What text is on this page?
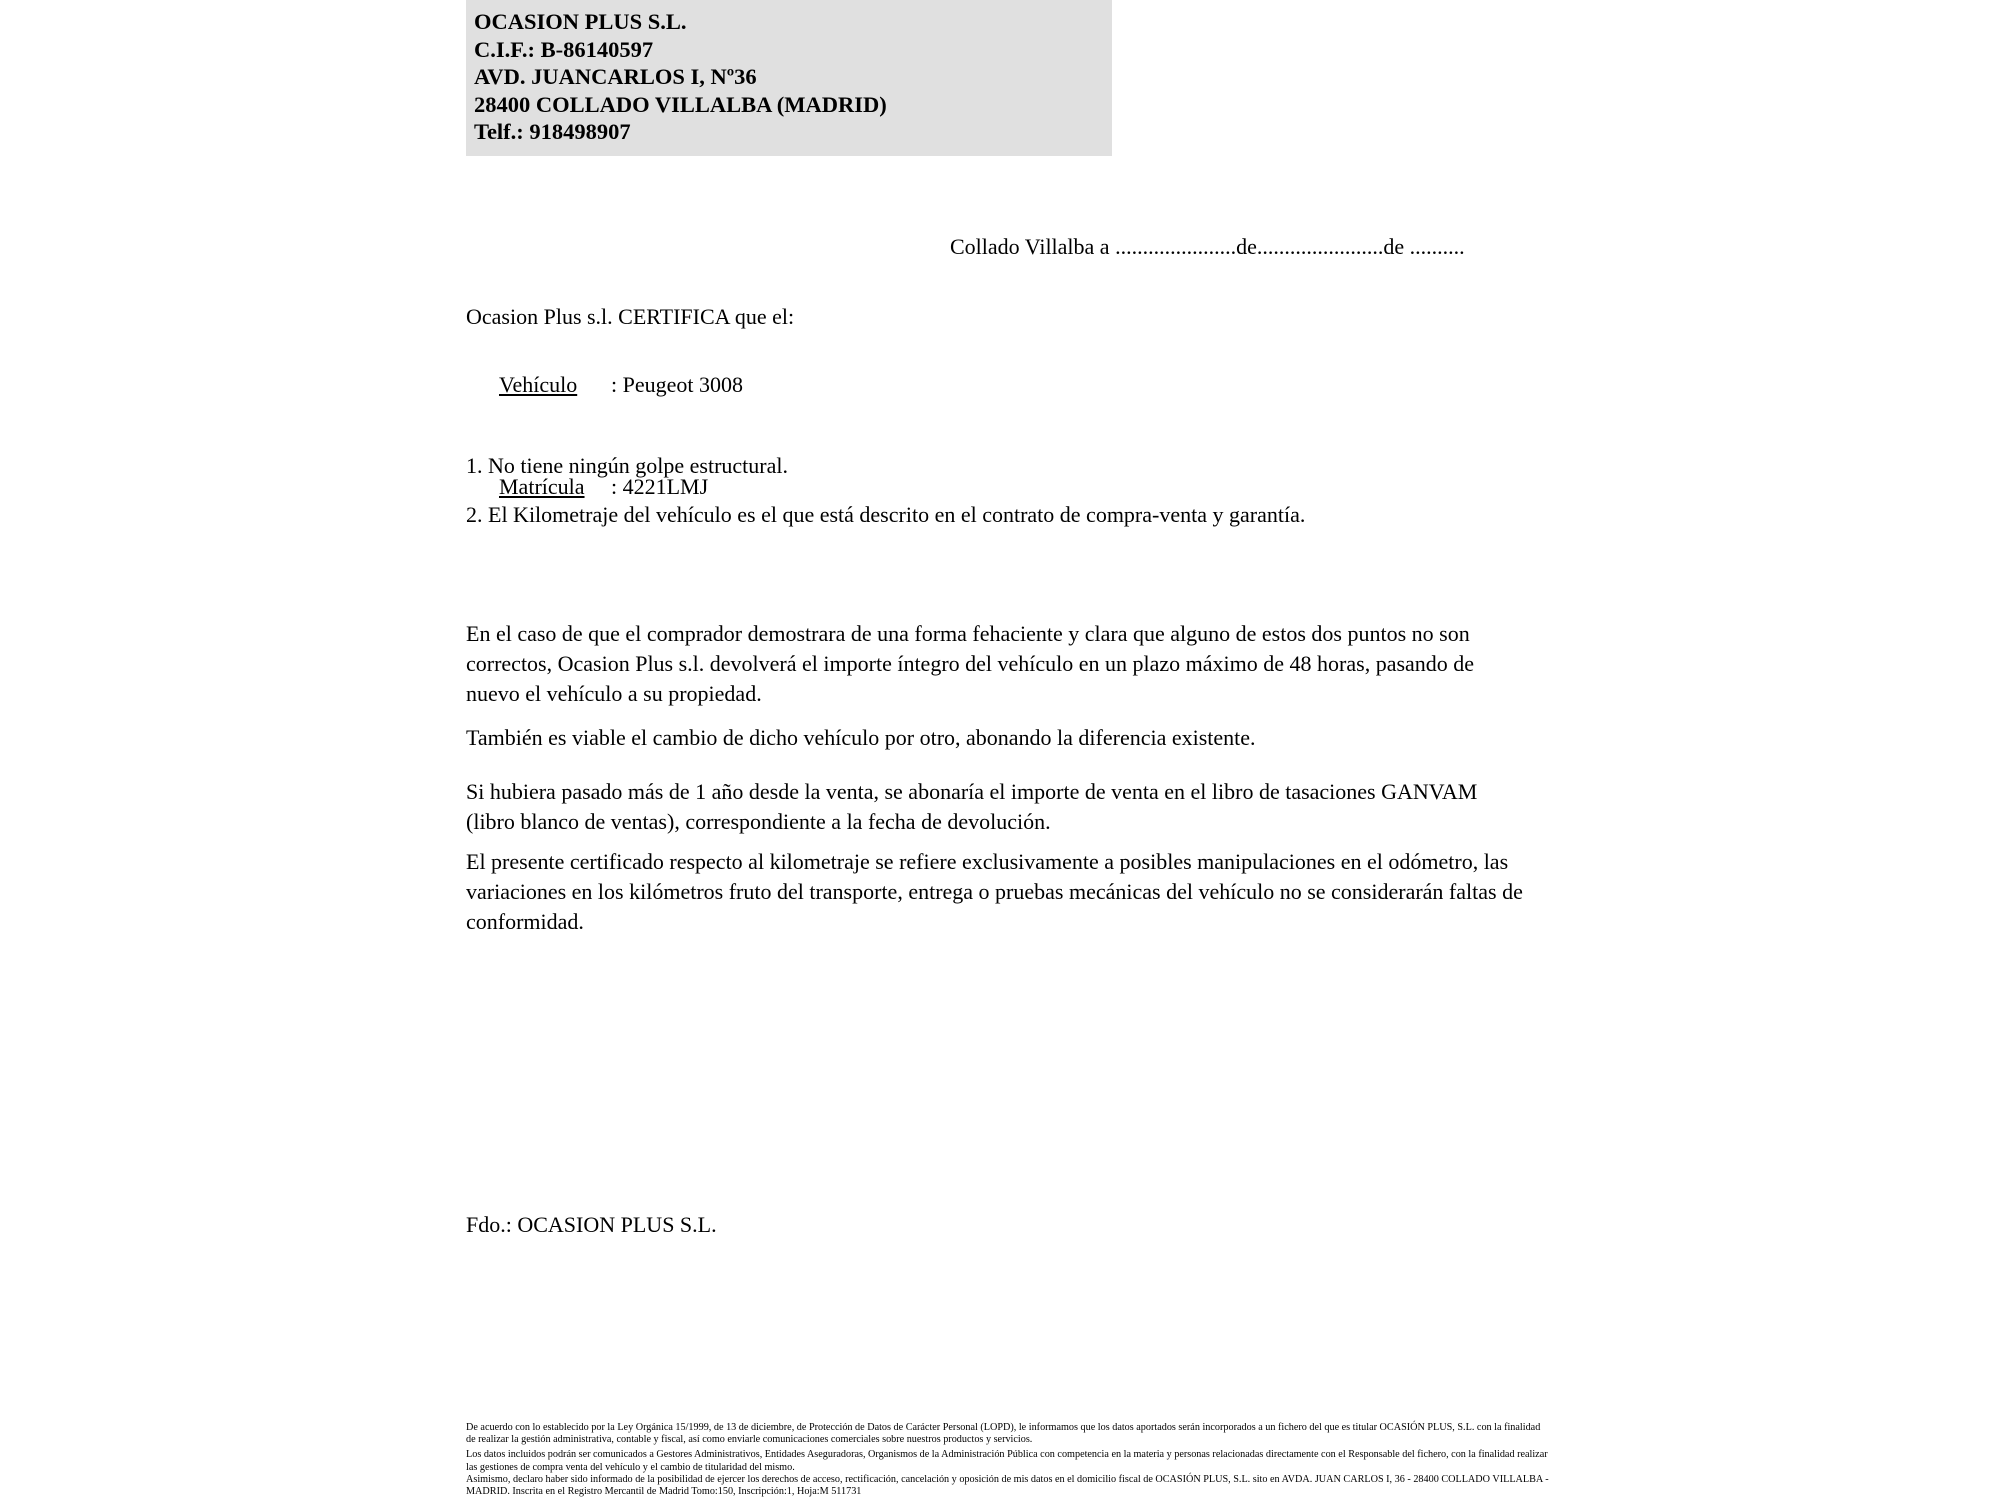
OCASION PLUS S.L.
C.I.F.: B-86140597
AVD. JUANCARLOS I, Nº36
28400 COLLADO VILLALBA (MADRID)
Telf.: 918498907
Collado Villalba a ......................de.......................de ..........
Ocasion Plus s.l. CERTIFICA que el:

Vehículo : Peugeot 3008

Matrícula : 4221LMJ

1. No tiene ningún golpe estructural.
2. El Kilometraje del vehículo es el que está descrito en el contrato de compra-venta y garantía.
En el caso de que el comprador demostrara de una forma fehaciente y clara que alguno de estos dos puntos no son correctos, Ocasion Plus s.l. devolverá el importe íntegro del vehículo en un plazo máximo de 48 horas, pasando de nuevo el vehículo a su propiedad.
También es viable el cambio de dicho vehículo por otro, abonando la diferencia existente.
Si hubiera pasado más de 1 año desde la venta, se abonaría el importe de venta en el libro de tasaciones GANVAM (libro blanco de ventas), correspondiente a la fecha de devolución.
El presente certificado respecto al kilometraje se refiere exclusivamente a posibles manipulaciones en el odómetro, las variaciones en los kilómetros fruto del transporte, entrega o pruebas mecánicas del vehículo no se considerarán faltas de conformidad.
Fdo.: OCASION PLUS S.L.

De acuerdo con lo establecido por la Ley Orgánica 15/1999, de 13 de diciembre, de Protección de Datos de Carácter Personal (LOPD), le informamos que los datos aportados serán incorporados a un fichero del que es titular OCASIÓN PLUS, S.L. con la finalidad de realizar la gestión administrativa, contable y fiscal, así como enviarle comunicaciones comerciales sobre nuestros productos y servicios.

Los datos incluidos podrán ser comunicados a Gestores Administrativos, Entidades Aseguradoras, Organismos de la Administración Pública con competencia en la materia y personas relacionadas directamente con el Responsable del fichero, con la finalidad realizar las gestiones de compra venta del vehículo y el cambio de titularidad del mismo.

Asimismo, declaro haber sido informado de la posibilidad de ejercer los derechos de acceso, rectificación, cancelación y oposición de mis datos en el domicilio fiscal de OCASIÓN PLUS, S.L. sito en AVDA. JUAN CARLOS I, 36 - 28400 COLLADO VILLALBA - MADRID. Inscrita en el Registro Mercantil de Madrid Tomo:150, Inscripción:1, Hoja:M 511731
